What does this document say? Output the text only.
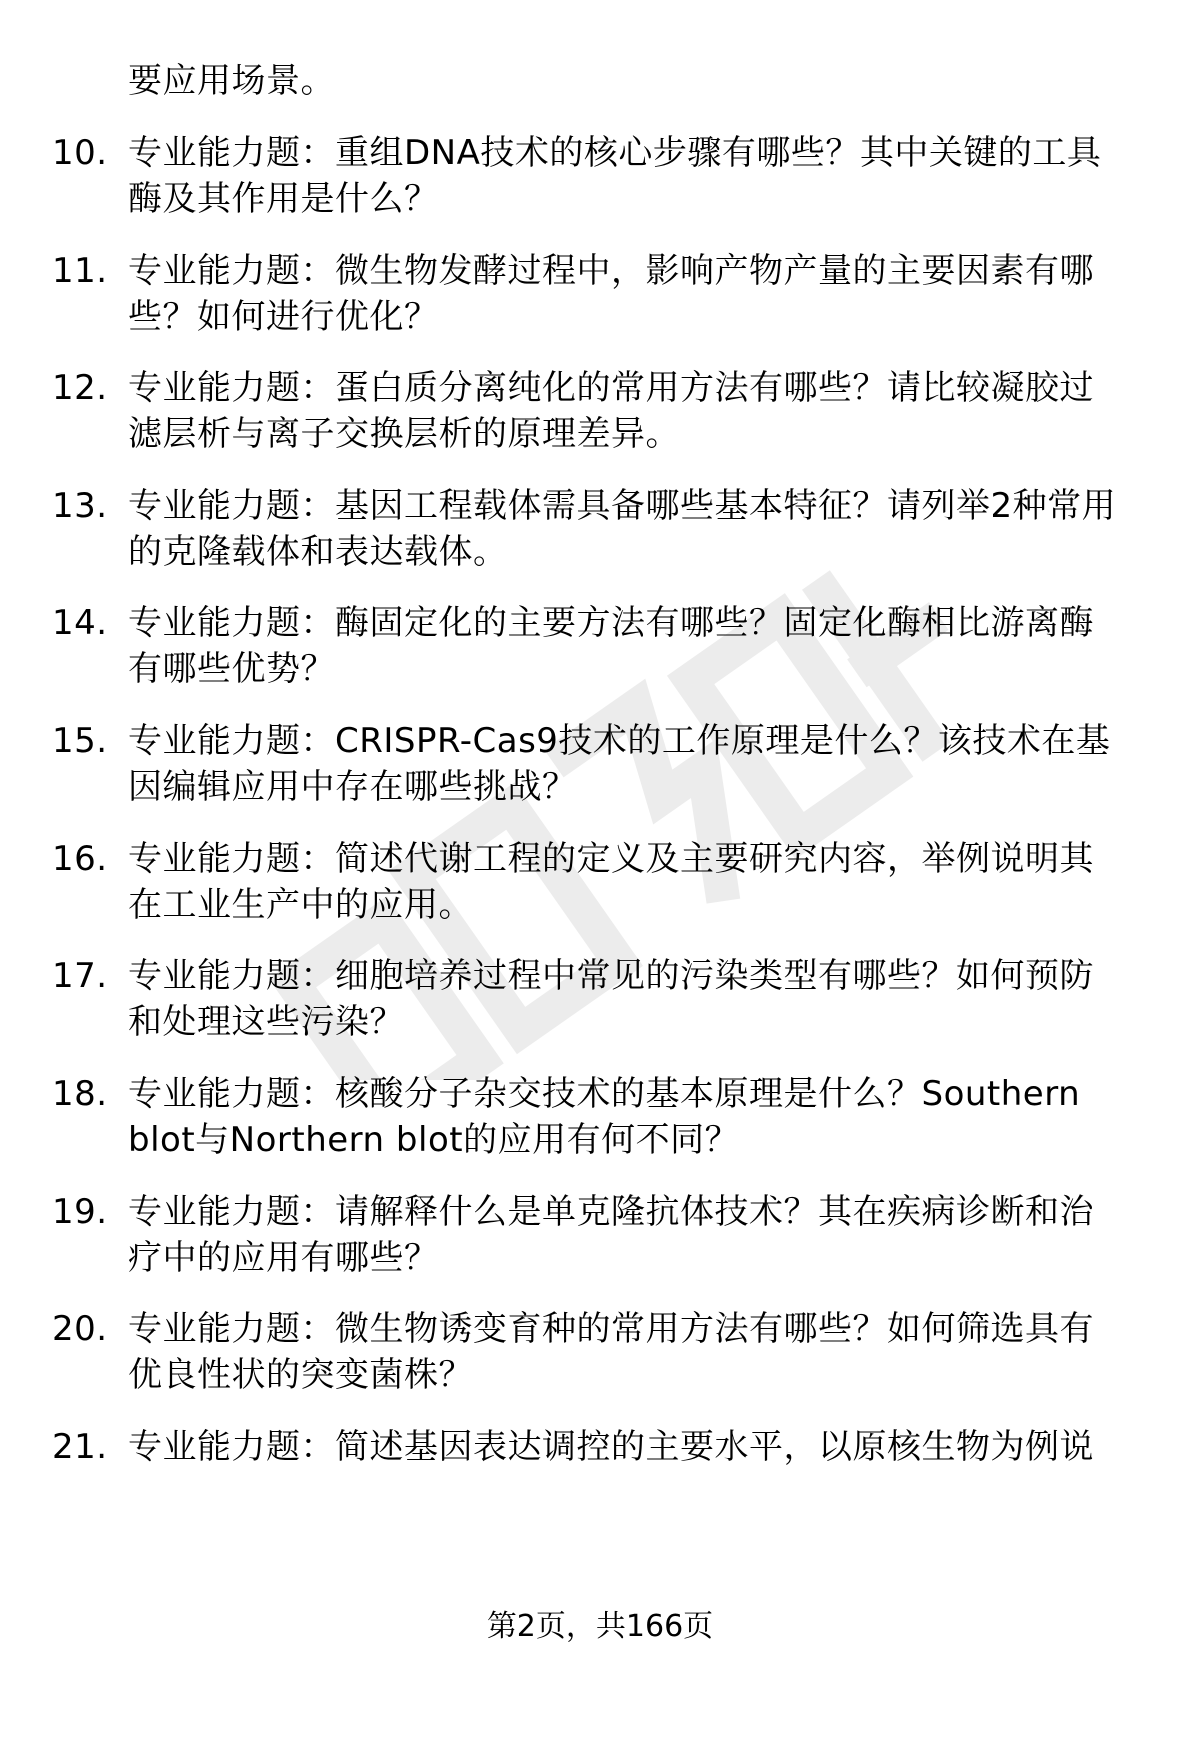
要应用场景。
10. 专业能力题：重组DNA技术的核心步骤有哪些？其中关键的工具
酶及其作用是什么？
11. 专业能力题：微生物发酵过程中，影响产物产量的主要因素有哪
些？如何进行优化？
12. 专业能力题：蛋白质分离纯化的常用方法有哪些？请比较凝胶过
滤层析与离子交换层析的原理差异。
13. 专业能力题：基因工程载体需具备哪些基本特征？请列举2种常用
的克隆载体和表达载体。
14. 专业能力题：酶固定化的主要方法有哪些？固定化酶相比游离酶
有哪些优势？
15. 专业能力题：CRISPR-Cas9技术的工作原理是什么？该技术在基
因编辑应用中存在哪些挑战？
16. 专业能力题：简述代谢工程的定义及主要研究内容，举例说明其
在工业生产中的应用。
17. 专业能力题：细胞培养过程中常见的污染类型有哪些？如何预防
和处理这些污染？
18. 专业能力题：核酸分子杂交技术的基本原理是什么？Southern
blot与Northern blot的应用有何不同？
19. 专业能力题：请解释什么是单克隆抗体技术？其在疾病诊断和治
疗中的应用有哪些？
20. 专业能力题：微生物诱变育种的常用方法有哪些？如何筛选具有
优良性状的突变菌株？
21. 专业能力题：简述基因表达调控的主要水平，以原核生物为例说
第2页，共166页
